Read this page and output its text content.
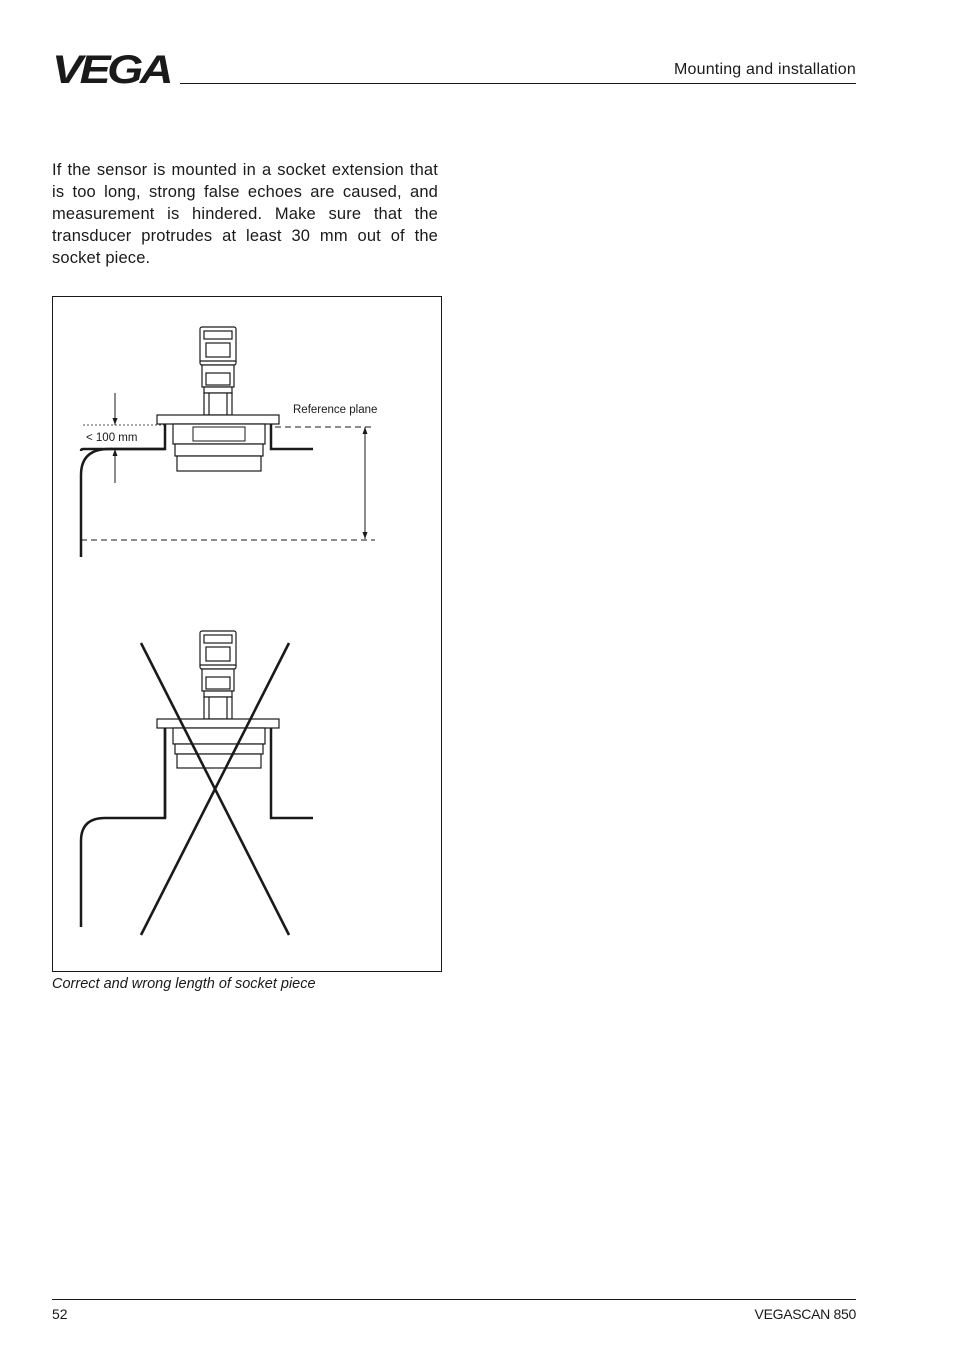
VEGA	Mounting and installation
If the sensor is mounted in a socket extension that is too long, strong false echoes are caused, and measurement is hindered. Make sure that the transducer protrudes at least 30 mm out of the socket piece.
< 100 mm
Reference plane
Correct and wrong length of socket piece
52	VEGASCAN 850
